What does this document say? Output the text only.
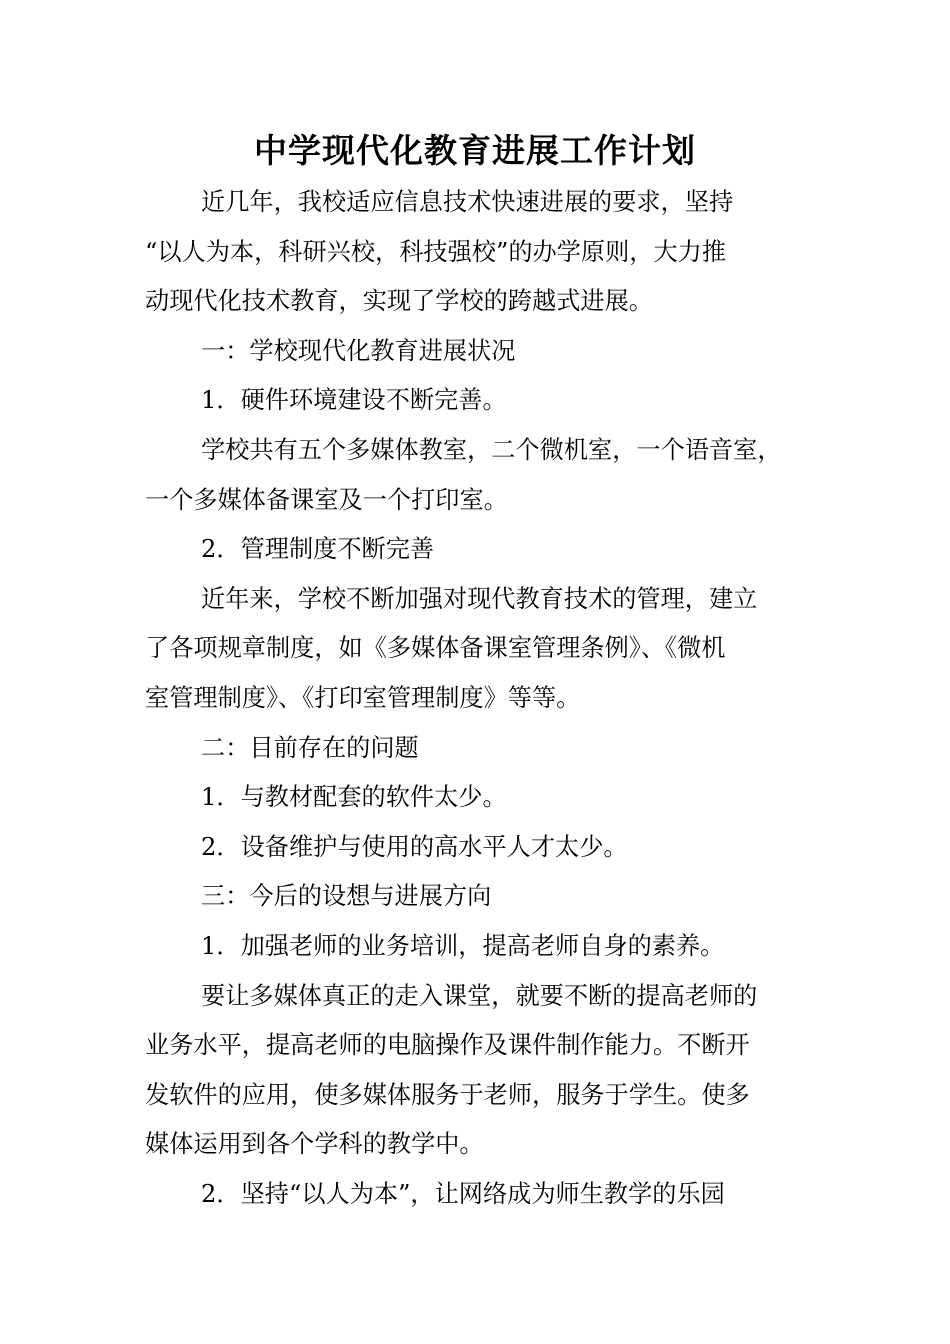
中学现代化教育进展工作计划

近几年，我校适应信息技术快速进展的要求，坚持
“以人为本，科研兴校，科技强校”的办学原则，大力推
动现代化技术教育，实现了学校的跨越式进展。

一：学校现代化教育进展状况

1．硬件环境建设不断完善。

学校共有五个多媒体教室，二个微机室，一个语音室，
一个多媒体备课室及一个打印室。

2．管理制度不断完善

近年来，学校不断加强对现代教育技术的管理，建立
了各项规章制度，如《多媒体备课室管理条例》、《微机
室管理制度》、《打印室管理制度》等等。

二：目前存在的问题

1．与教材配套的软件太少。

2．设备维护与使用的高水平人才太少。

三：今后的设想与进展方向

1．加强老师的业务培训，提高老师自身的素养。

要让多媒体真正的走入课堂，就要不断的提高老师的
业务水平，提高老师的电脑操作及课件制作能力。不断开
发软件的应用，使多媒体服务于老师，服务于学生。使多
媒体运用到各个学科的教学中。

2．坚持“以人为本”，让网络成为师生教学的乐园
